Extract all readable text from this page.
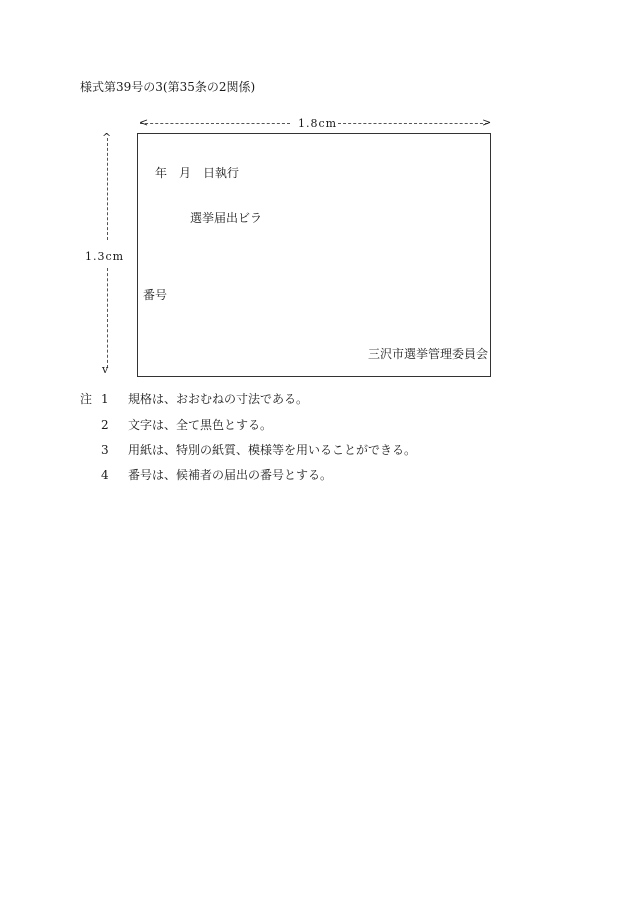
様式第39号の3(第35条の2関係)
<	>
1.8cm
^
v
1.3cm
年　月　日執行
選挙届出ビラ
番号
三沢市選挙管理委員会
注 1 規格は、おおむねの寸法である。
2 文字は、全て黒色とする。
3 用紙は、特別の紙質、模様等を用いることができる。
4 番号は、候補者の届出の番号とする。
